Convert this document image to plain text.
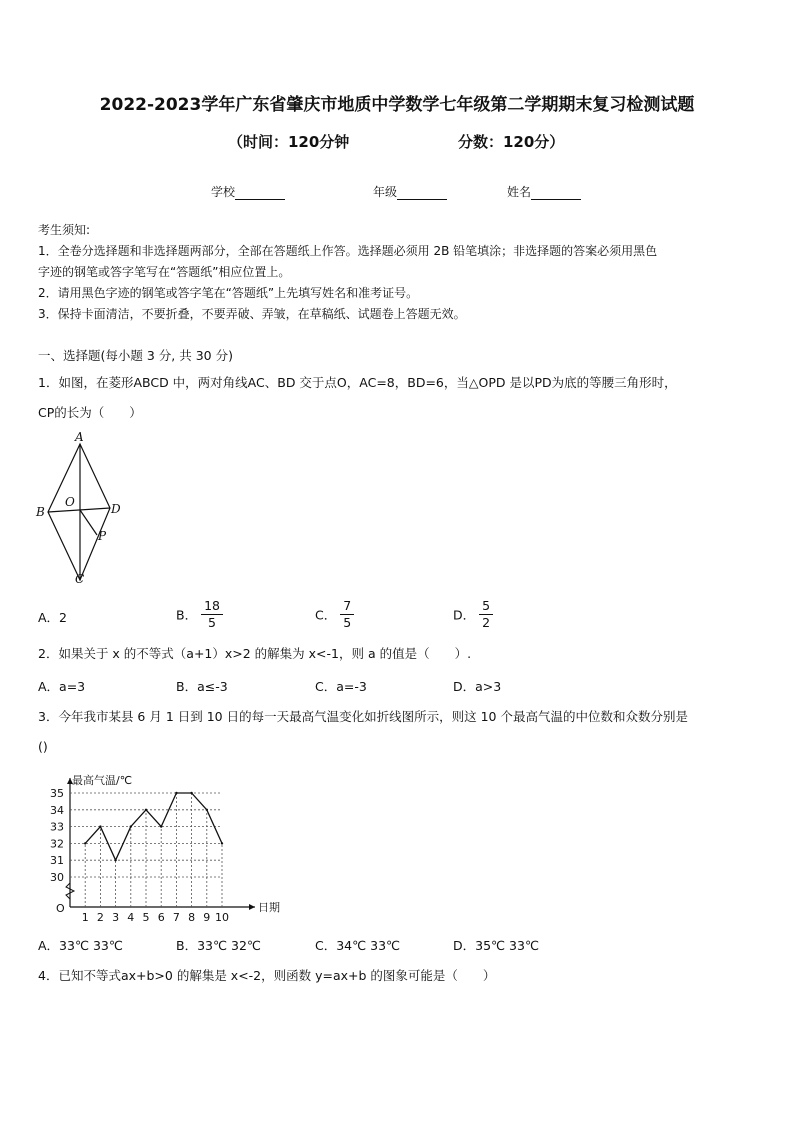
2022-2023学年广东省肇庆市地质中学数学七年级第二学期期末复习检测试题
（时间：120分钟	分数：120分）
学校	年级	姓名
考生须知:
1．全卷分选择题和非选择题两部分，全部在答题纸上作答。选择题必须用 2B 铅笔填涂；非选择题的答案必须用黑色
字迹的钢笔或答字笔写在“答题纸”相应位置上。
2．请用黑色字迹的钢笔或答字笔在“答题纸”上先填写姓名和准考证号。
3．保持卡面清洁，不要折叠，不要弄破、弄皱，在草稿纸、试题卷上答题无效。
一、选择题(每小题 3 分, 共 30 分)
1．如图，在菱形ABCD 中，两对角线AC、BD 交于点O，AC=8，BD=6，当△OPD 是以PD为底的等腰三角形时，
CP的长为（　　）
A
B
C
D
O
P
A．2	B． $\frac{18}{5}$	C． $\frac{7}{5}$	D． $\frac{5}{2}$
2．如果关于 x 的不等式（a+1）x>2 的解集为 x<-1，则 a 的值是（　　）.
A．a=3	B．a≤-3	C．a=-3	D．a>3
3．今年我市某县 6 月 1 日到 10 日的每一天最高气温变化如折线图所示，则这 10 个最高气温的中位数和众数分别是
()
30
31
32
33
34
35
1 2 3 4 5 6 7 8 9 10
O
最高气温/℃
日期
A．33℃ 33℃	B．33℃ 32℃	C．34℃ 33℃	D．35℃ 33℃
4．已知不等式ax+b>0 的解集是 x<-2，则函数 y=ax+b 的图象可能是（　　）
